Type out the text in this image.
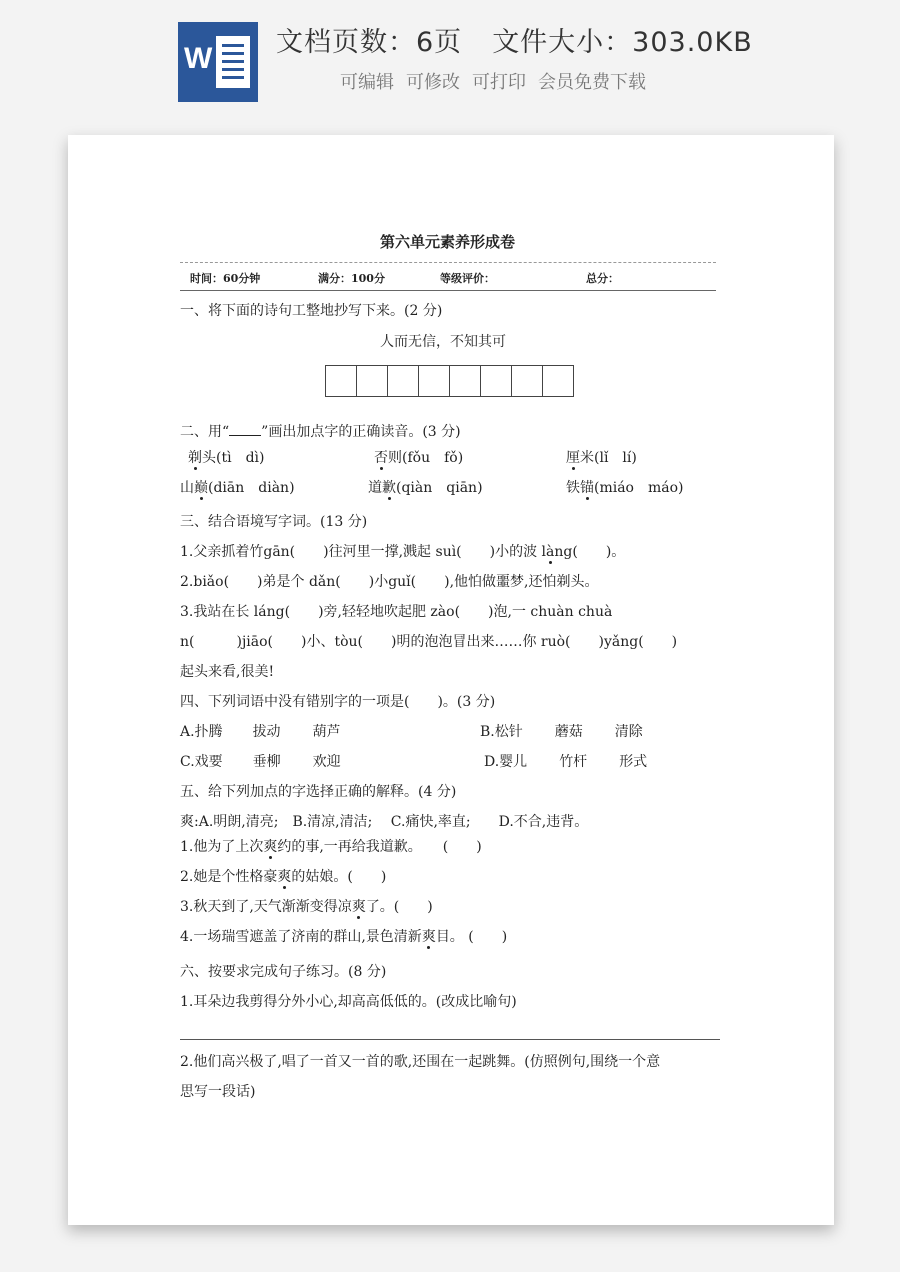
W 文档页数：6页 文件大小：303.0KB
可编辑 可修改 可打印 会员免费下载
第六单元素养形成卷
时间：60分钟	满分：100分	等级评价：	总分：
一、将下面的诗句工整地抄写下来。(2 分)
人而无信，不知其可
二、用“ ”画出加点字的正确读音。(3 分)
剃头(tì　dì)	否则(fǒu　fǒ)	厘米(lǐ　lí)
山巅(diān　diàn)	道歉(qiàn　qiān)	铁锚(miáo　máo)
三、结合语境写字词。(13 分)
1.父亲抓着竹gān(　　)往河里一撑,溅起 suì(　　)小的波 làng(　　)。
2.biǎo(　　)弟是个 dǎn(　　)小guǐ(　　),他怕做噩梦,还怕剃头。
3.我站在长 láng(　　)旁,轻轻地吹起肥 zào(　　)泡,一 chuàn chuà
n(　　　)jiāo(　　)小、tòu(　　)明的泡泡冒出来……你 ruò(　　)yǎng(　　)
起头来看,很美!
四、下列词语中没有错别字的一项是(　　)。(3 分)
A.扑腾 拔动 葫芦	B.松针 蘑菇 清除
C.戏要 垂柳 欢迎	D.婴儿 竹杆 形式
五、给下列加点的字选择正确的解释。(4 分)
爽:A.明朗,清亮;　B.清凉,清洁;　 C.痛快,率直;　　D.不合,违背。
1.他为了上次爽约的事,一再给我道歉。　　(　　)
2.她是个性格豪爽的姑娘。(　　)
3.秋天到了,天气渐渐变得凉爽了。(　　)
4.一场瑞雪遮盖了济南的群山,景色清新爽目。 (　　)
六、按要求完成句子练习。(8 分)
1.耳朵边我剪得分外小心,却高高低低的。(改成比喻句)
2.他们高兴极了,唱了一首又一首的歌,还围在一起跳舞。(仿照例句,围绕一个意
思写一段话)
